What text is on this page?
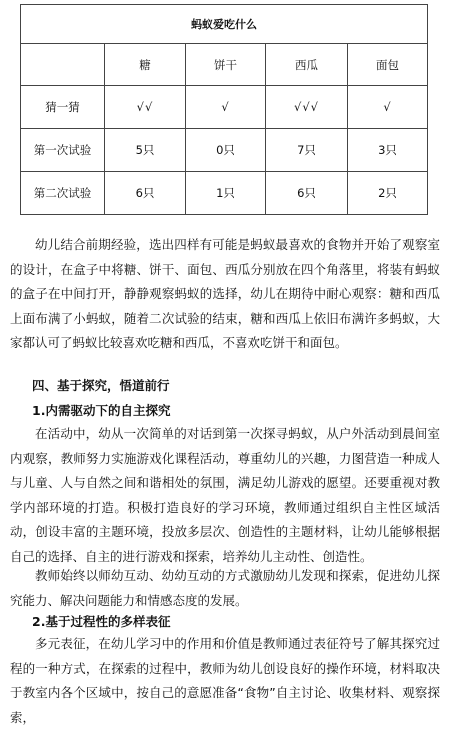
蚂蚁爱吃什么				
	糖	饼干	西瓜	面包
猜一猜	√√	√	√√√	√
第一次试验	5只	0只	7只	3只
第二次试验	6只	1只	6只	2只

幼儿结合前期经验，选出四样有可能是蚂蚁最喜欢的食物并开始了观察室的设计，在盒子中将糖、饼干、面包、西瓜分别放在四个角落里，将装有蚂蚁的盒子在中间打开，静静观察蚂蚁的选择，幼儿在期待中耐心观察：糖和西瓜上面布满了小蚂蚁，随着二次试验的结束，糖和西瓜上依旧布满许多蚂蚁，大家都认可了蚂蚁比较喜欢吃糖和西瓜，不喜欢吃饼干和面包。

四、基于探究，悟道前行

1.内需驱动下的自主探究

在活动中，幼从一次简单的对话到第一次探寻蚂蚁，从户外活动到晨间室内观察，教师努力实施游戏化课程活动，尊重幼儿的兴趣，力图营造一种成人与儿童、人与自然之间和谐相处的氛围，满足幼儿游戏的愿望。还要重视对教学内部环境的打造。积极打造良好的学习环境，教师通过组织自主性区域活动，创设丰富的主题环境，投放多层次、创造性的主题材料，让幼儿能够根据自己的选择、自主的进行游戏和探索，培养幼儿主动性、创造性。

教师始终以师幼互动、幼幼互动的方式激励幼儿发现和探索，促进幼儿探究能力、解决问题能力和情感态度的发展。

2.基于过程性的多样表征

多元表征，在幼儿学习中的作用和价值是教师通过表征符号了解其探究过程的一种方式，在探索的过程中，教师为幼儿创设良好的操作环境，材料取决于教室内各个区域中，按自己的意愿准备“食物”自主讨论、收集材料、观察探索，
